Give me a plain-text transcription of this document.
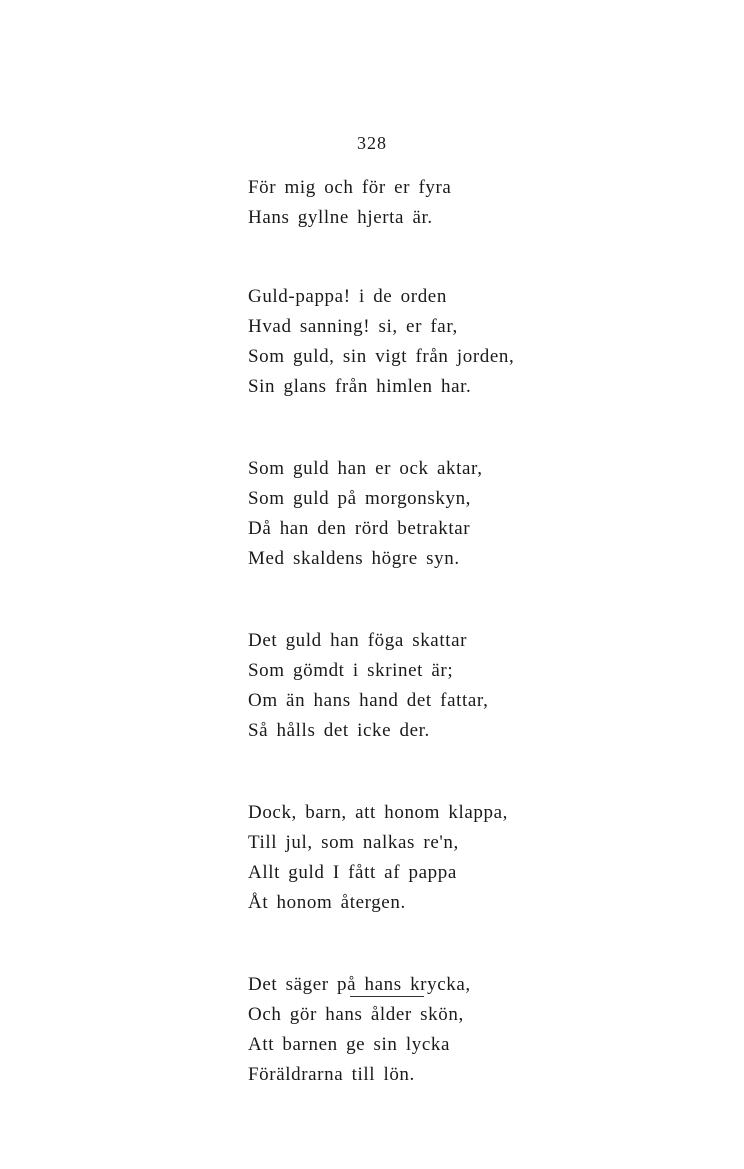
328
För mig och för er fyra
Hans gyllne hjerta är.
Guld-pappa! i de orden
Hvad sanning! si, er far,
Som guld, sin vigt från jorden,
Sin glans från himlen har.
Som guld han er ock aktar,
Som guld på morgonskyn,
Då han den rörd betraktar
Med skaldens högre syn.
Det guld han föga skattar
Som gömdt i skrinet är;
Om än hans hand det fattar,
Så hålls det icke der.
Dock, barn, att honom klappa,
Till jul, som nalkas re'n,
Allt guld I fått af pappa
Åt honom återgen.
Det säger på hans krycka,
Och gör hans ålder skön,
Att barnen ge sin lycka
Föräldrarna till lön.
